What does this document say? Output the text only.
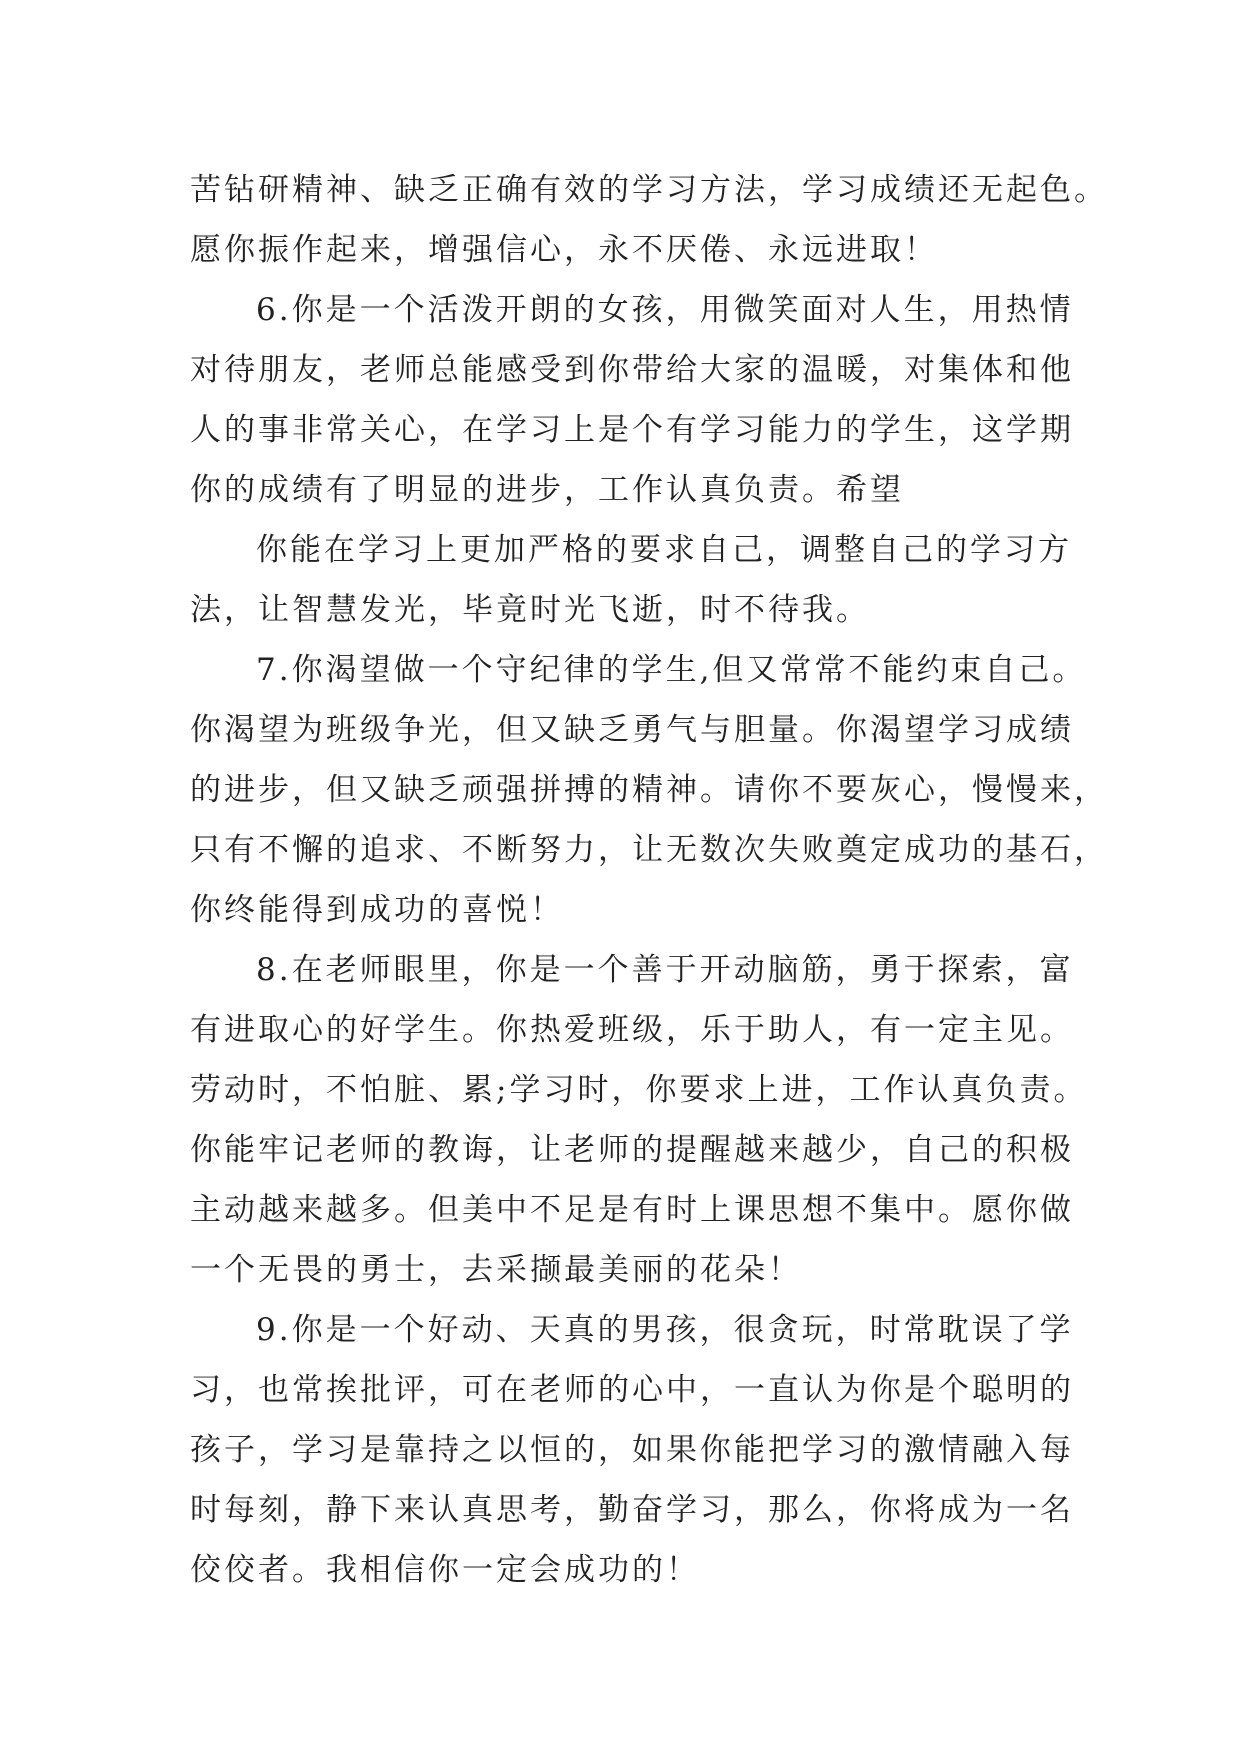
苦钻研精神、缺乏正确有效的学习方法，学习成绩还无起色。
愿你振作起来，增强信心，永不厌倦、永远进取！
6.你是一个活泼开朗的女孩，用微笑面对人生，用热情
对待朋友，老师总能感受到你带给大家的温暖，对集体和他
人的事非常关心，在学习上是个有学习能力的学生，这学期
你的成绩有了明显的进步，工作认真负责。希望
你能在学习上更加严格的要求自己，调整自己的学习方
法，让智慧发光，毕竟时光飞逝，时不待我。
7.你渴望做一个守纪律的学生,但又常常不能约束自己。
你渴望为班级争光，但又缺乏勇气与胆量。你渴望学习成绩
的进步，但又缺乏顽强拼搏的精神。请你不要灰心，慢慢来，
只有不懈的追求、不断努力，让无数次失败奠定成功的基石，
你终能得到成功的喜悦！
8.在老师眼里，你是一个善于开动脑筋，勇于探索，富
有进取心的好学生。你热爱班级，乐于助人，有一定主见。
劳动时，不怕脏、累;学习时，你要求上进，工作认真负责。
你能牢记老师的教诲，让老师的提醒越来越少，自己的积极
主动越来越多。但美中不足是有时上课思想不集中。愿你做
一个无畏的勇士，去采撷最美丽的花朵！
9.你是一个好动、天真的男孩，很贪玩，时常耽误了学
习，也常挨批评，可在老师的心中，一直认为你是个聪明的
孩子，学习是靠持之以恒的，如果你能把学习的激情融入每
时每刻，静下来认真思考，勤奋学习，那么，你将成为一名
佼佼者。我相信你一定会成功的！
